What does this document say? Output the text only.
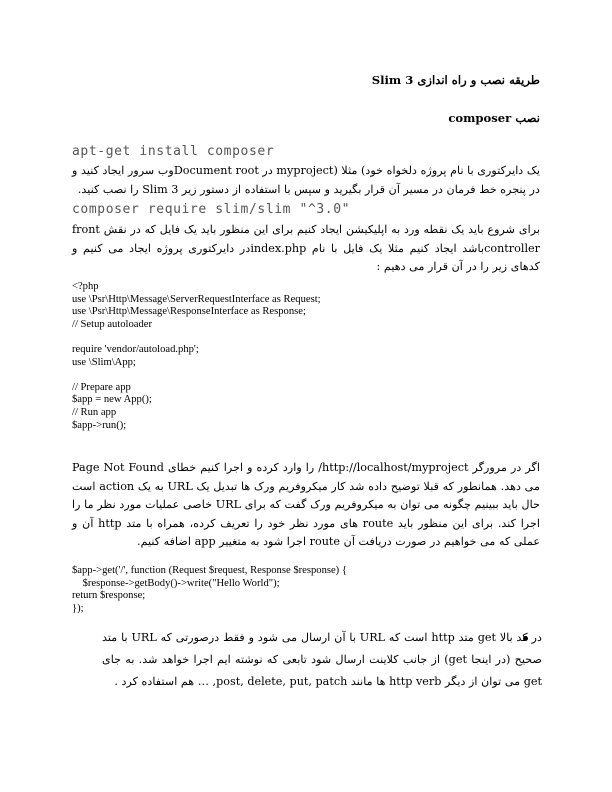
طریقه نصب و راه اندازی Slim 3
نصب composer
apt-get install composer
یک دایرکتوری با نام پروژه دلخواه خود) مثلا (myproject در Document rootوب سرور ایجاد کنید و در پنجره خط فرمان در مسیر آن قرار بگیرید و سپس با استفاده از دستور زیر Slim 3 را نصب کنید.
composer require slim/slim "^3.0"
برای شروع باید یک نقطه ورد به اپلیکیشن ایجاد کنیم برای این منظور باید یک فایل که در نقش front controllerباشد ایجاد کنیم مثلا یک فایل با نام index.phpدر دایرکتوری پروژه ایجاد می کنیم و کدهای زیر را در آن قرار می دهیم :
<?php
use \Psr\Http\Message\ServerRequestInterface as Request;
use \Psr\Http\Message\ResponseInterface as Response;
// Setup autoloader
require 'vendor/autoload.php';
use \Slim\App;
// Prepare app
$app = new App();
// Run app
$app->run();
اگر در مرورگر http://localhost/myproject/ را وارد کرده و اجرا کنیم خطای Page Not Found می دهد. همانطور که قبلا توضیح داده شد کار میکروفریم ورک ها تبدیل یک URL به یک action است حال باید ببینیم چگونه می توان به میکروفریم ورک گفت که برای URL خاصی عملیات مورد نظر ما را اجرا کند. برای این منظور باید route های مورد نظر خود را تعریف کرده، همراه با متد http آن و عملی که می خواهیم در صورت دریافت آن route اجرا شود به متغییر app اضافه کنیم.
$app->get('/', function (Request $request, Response $response) {
$response->getBody()->write("Hello World");
return $response;
});
در کد بالا get متد http است که URL با آن ارسال می شود و فقط درصورتی که URL با متد صحیح (در اینجا get) از جانب کلاینت ارسال شود تابعی که نوشته ایم اجرا خواهد شد. به جای get می توان از دیگر http verb ها مانند post, delete, put, patch, … هم استفاده کرد .
